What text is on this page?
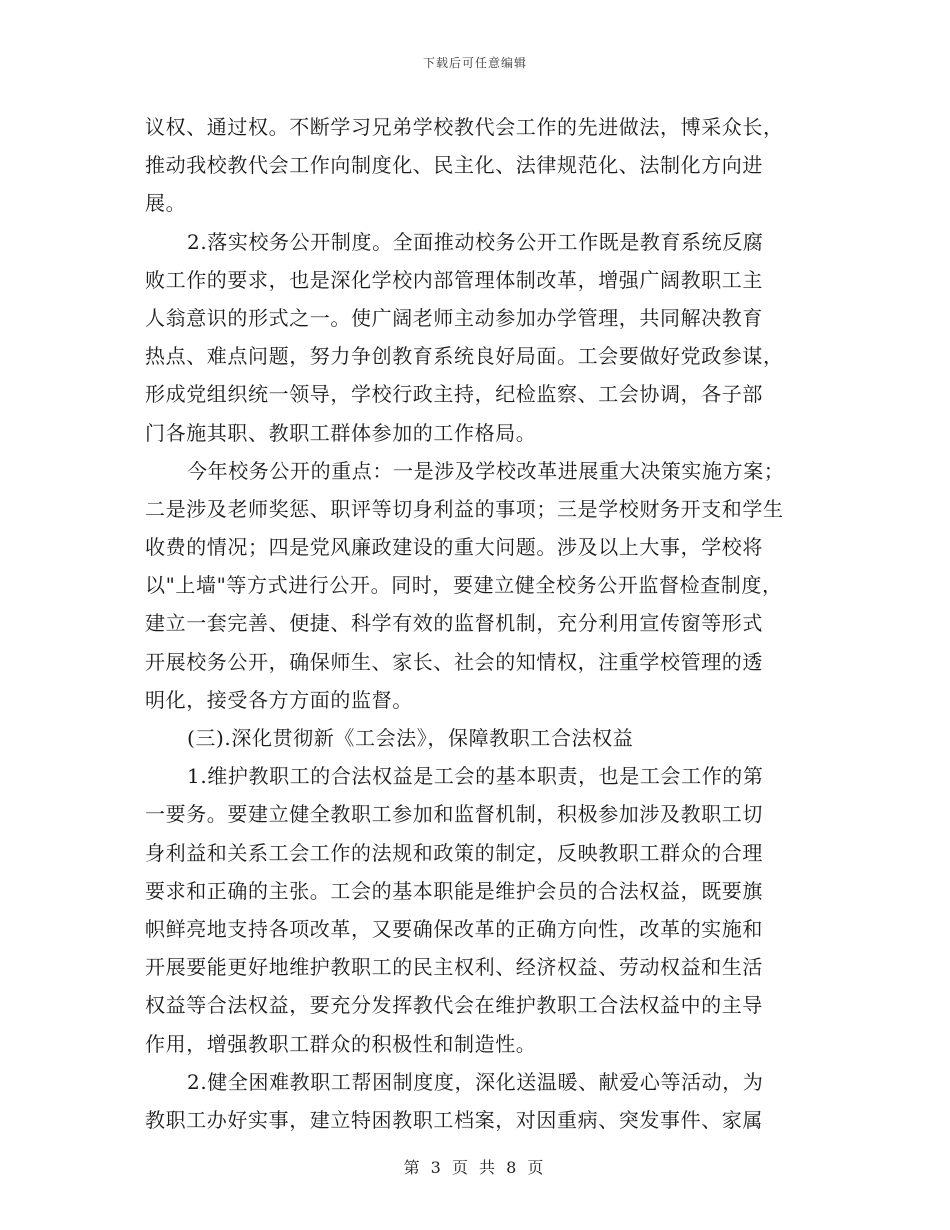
下载后可任意编辑
议权、通过权。不断学习兄弟学校教代会工作的先进做法，博采众长，
推动我校教代会工作向制度化、民主化、法律规范化、法制化方向进
展。
2.落实校务公开制度。全面推动校务公开工作既是教育系统反腐
败工作的要求，也是深化学校内部管理体制改革，增强广阔教职工主
人翁意识的形式之一。使广阔老师主动参加办学管理，共同解决教育
热点、难点问题，努力争创教育系统良好局面。工会要做好党政参谋，
形成党组织统一领导，学校行政主持，纪检监察、工会协调，各子部
门各施其职、教职工群体参加的工作格局。
今年校务公开的重点：一是涉及学校改革进展重大决策实施方案；
二是涉及老师奖惩、职评等切身利益的事项；三是学校财务开支和学生
收费的情况；四是党风廉政建设的重大问题。涉及以上大事，学校将
以"上墙"等方式进行公开。同时，要建立健全校务公开监督检查制度，
建立一套完善、便捷、科学有效的监督机制，充分利用宣传窗等形式
开展校务公开，确保师生、家长、社会的知情权，注重学校管理的透
明化，接受各方方面的监督。
(三).深化贯彻新《工会法》，保障教职工合法权益
1.维护教职工的合法权益是工会的基本职责，也是工会工作的第
一要务。要建立健全教职工参加和监督机制，积极参加涉及教职工切
身利益和关系工会工作的法规和政策的制定，反映教职工群众的合理
要求和正确的主张。工会的基本职能是维护会员的合法权益，既要旗
帜鲜亮地支持各项改革，又要确保改革的正确方向性，改革的实施和
开展要能更好地维护教职工的民主权利、经济权益、劳动权益和生活
权益等合法权益，要充分发挥教代会在维护教职工合法权益中的主导
作用，增强教职工群众的积极性和制造性。
2.健全困难教职工帮困制度度，深化送温暖、献爱心等活动，为
教职工办好实事，建立特困教职工档案，对因重病、突发事件、家属
第 3 页 共 8 页
